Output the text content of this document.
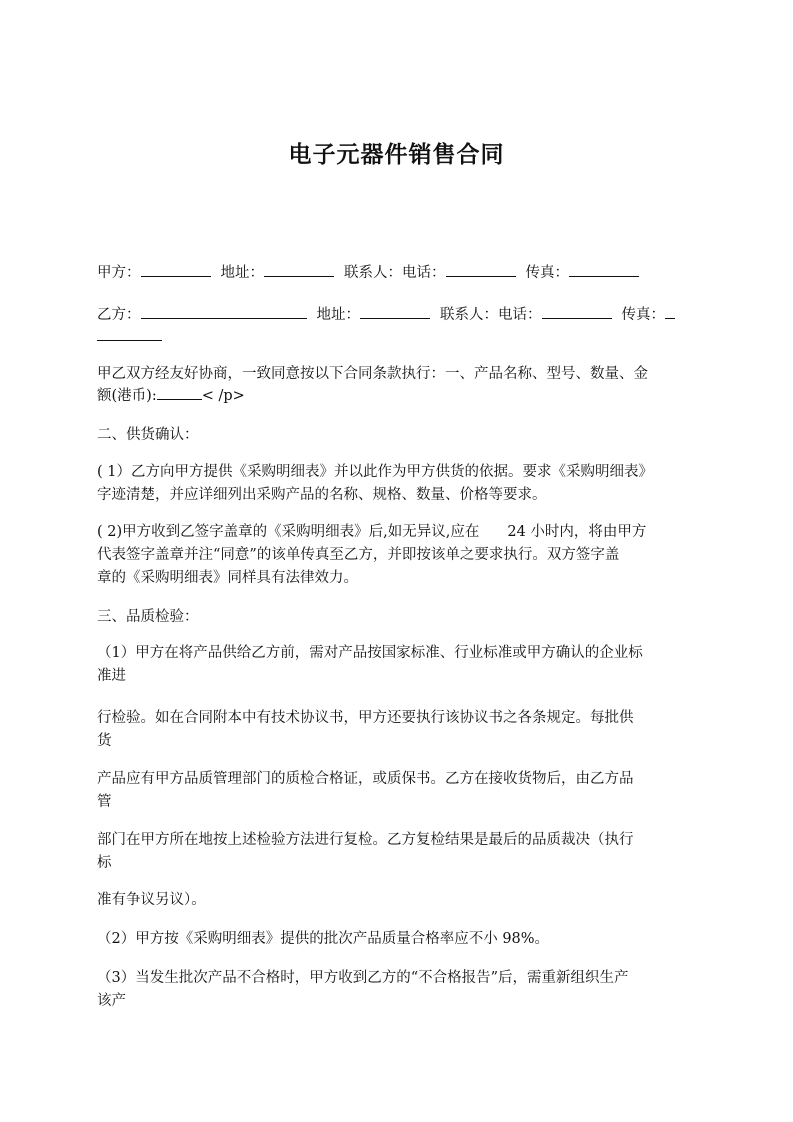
电子元器件销售合同

甲方：	地址：	联系人：电话：	传真：

乙方：	地址：	联系人：电话：	传真：

甲乙双方经友好协商，一致同意按以下合同条款执行：一、产品名称、型号、数量、金

额(港币):	< /p>

二、供货确认：

( 1）乙方向甲方提供《采购明细表》并以此作为甲方供货的依据。要求《采购明细表》

字迹清楚，并应详细列出采购产品的名称、规格、数量、价格等要求。

( 2)甲方收到乙签字盖章的《采购明细表》后,如无异议,应在 24 小时内，将由甲方

代表签字盖章并注“同意”的该单传真至乙方，并即按该单之要求执行。双方签字盖

章的《采购明细表》同样具有法律效力。

三、品质检验：

（1）甲方在将产品供给乙方前，需对产品按国家标准、行业标准或甲方确认的企业标

准进

行检验。如在合同附本中有技术协议书，甲方还要执行该协议书之各条规定。每批供

货

产品应有甲方品质管理部门的质检合格证，或质保书。乙方在接收货物后，由乙方品

管

部门在甲方所在地按上述检验方法进行复检。乙方复检结果是最后的品质裁决（执行

标

准有争议另议）。

（2）甲方按《采购明细表》提供的批次产品质量合格率应不小 98%。

（3）当发生批次产品不合格时，甲方收到乙方的“不合格报告”后，需重新组织生产

该产
